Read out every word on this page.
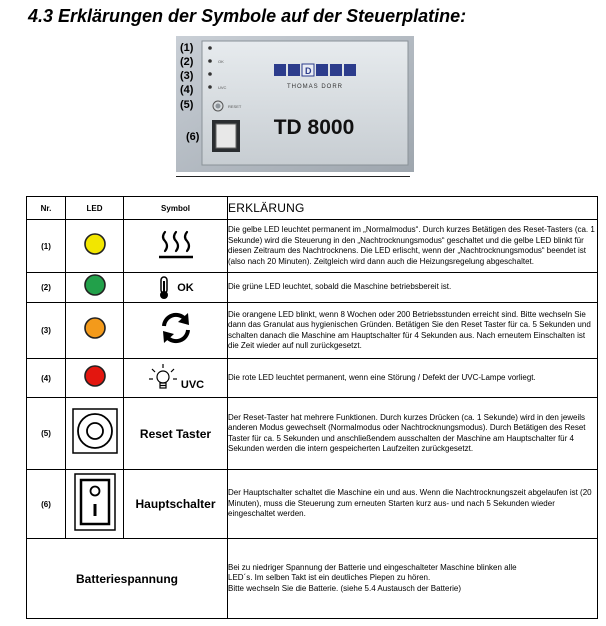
4.3 Erklärungen der Symbole auf der Steuerplatine:
(1)
(2)
(3)
(4)
(5)
(6)
OK
UVC
RESET
D
THOMAS DORR
TD 8000
Nr.	LED	Symbol	ERKLÄRUNG
(1)			Die gelbe LED leuchtet permanent im „Normalmodus“. Durch kurzes Betätigen des Reset-Tasters (ca. 1 Sekunde) wird die Steuerung in den „Nachtrocknungsmodus“ geschaltet und die gelbe LED blinkt für diesen Zeitraum des Nachtrocknens. Die LED erlischt, wenn der „Nachtrocknungsmodus“ beendet ist (also nach 20 Minuten). Zeitgleich wird dann auch die Heizungsregelung abgeschaltet.
(2)		OK	Die grüne LED leuchtet, sobald die Maschine betriebsbereit ist.
(3)			Die orangene LED blinkt, wenn 8 Wochen oder 200 Betriebsstunden erreicht sind. Bitte wechseln Sie dann das Granulat aus hygienischen Gründen. Betätigen Sie den Reset Taster für ca. 5 Sekunden und schalten danach die Maschine am Hauptschalter für 4 Sekunden aus. Nach erneutem Einschalten ist die Zeit wieder auf null zurückgesetzt.
(4)		UVC	Die rote LED leuchtet permanent, wenn eine Störung / Defekt der UVC-Lampe vorliegt.
(5)		Reset Taster	Der Reset-Taster hat mehrere Funktionen. Durch kurzes Drücken (ca. 1 Sekunde) wird in den jeweils anderen Modus gewechselt (Normalmodus oder Nachtrocknungsmodus). Durch Betätigen des Reset Taster für ca. 5 Sekunden und anschließendem ausschalten der Maschine am Hauptschalter für 4 Sekunden werden die intern gespeicherten Laufzeiten zurückgesetzt.
(6)		Hauptschalter	Der Hauptschalter schaltet die Maschine ein und aus. Wenn die Nachtrocknungszeit abgelaufen ist (20 Minuten), muss die Steuerung zum erneuten Starten kurz aus- und nach 5 Sekunden wieder eingeschaltet werden.
Batteriespannung			Bei zu niedriger Spannung der Batterie und eingeschalteter Maschine blinken alle
LED´s. Im selben Takt ist ein deutliches Piepen zu hören.
Bitte wechseln Sie die Batterie. (siehe 5.4 Austausch der Batterie)
